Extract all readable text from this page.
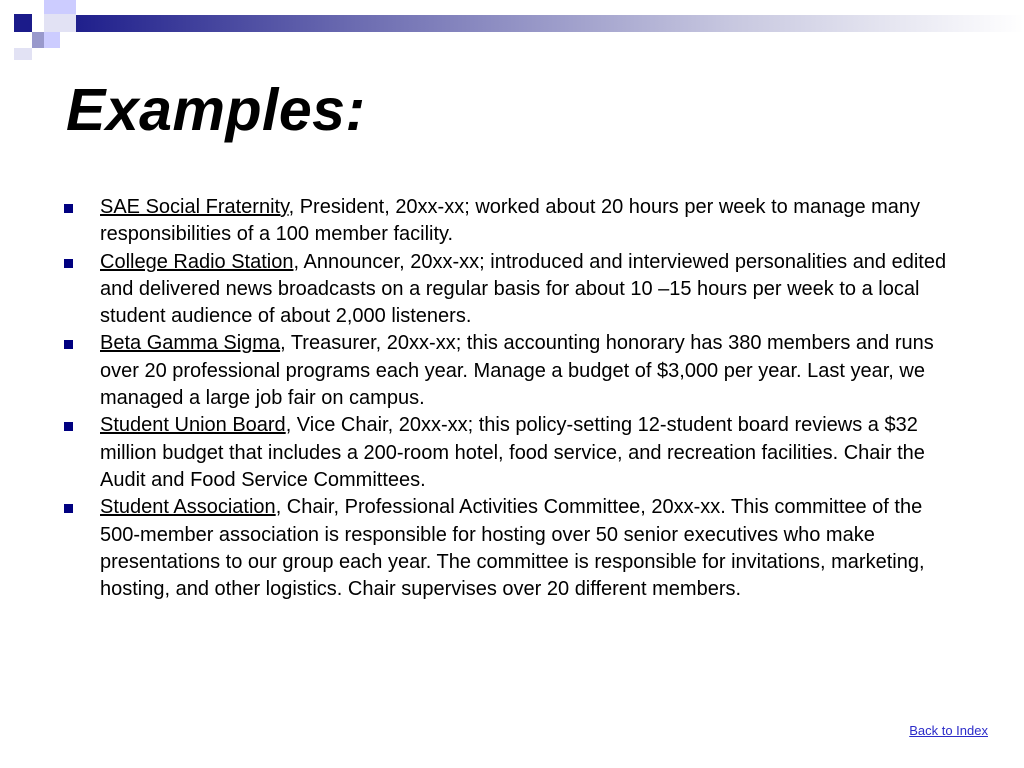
Examples:
SAE Social Fraternity, President, 20xx-xx; worked about 20 hours per week to manage many responsibilities of a 100 member facility.
College Radio Station, Announcer, 20xx-xx; introduced and interviewed personalities and edited and delivered news broadcasts on a regular basis for about 10 –15 hours per week to a local student audience of about 2,000 listeners.
Beta Gamma Sigma, Treasurer, 20xx-xx; this accounting honorary has 380 members and runs over 20 professional programs each year. Manage a budget of $3,000 per year. Last year, we managed a large job fair on campus.
Student Union Board, Vice Chair, 20xx-xx; this policy-setting 12-student board reviews a $32 million budget that includes a 200-room hotel, food service, and recreation facilities. Chair the Audit and Food Service Committees.
Student Association, Chair, Professional Activities Committee, 20xx-xx. This committee of the 500-member association is responsible for hosting over 50 senior executives who make presentations to our group each year. The committee is responsible for invitations, marketing, hosting, and other logistics. Chair supervises over 20 different members.
Back to Index
